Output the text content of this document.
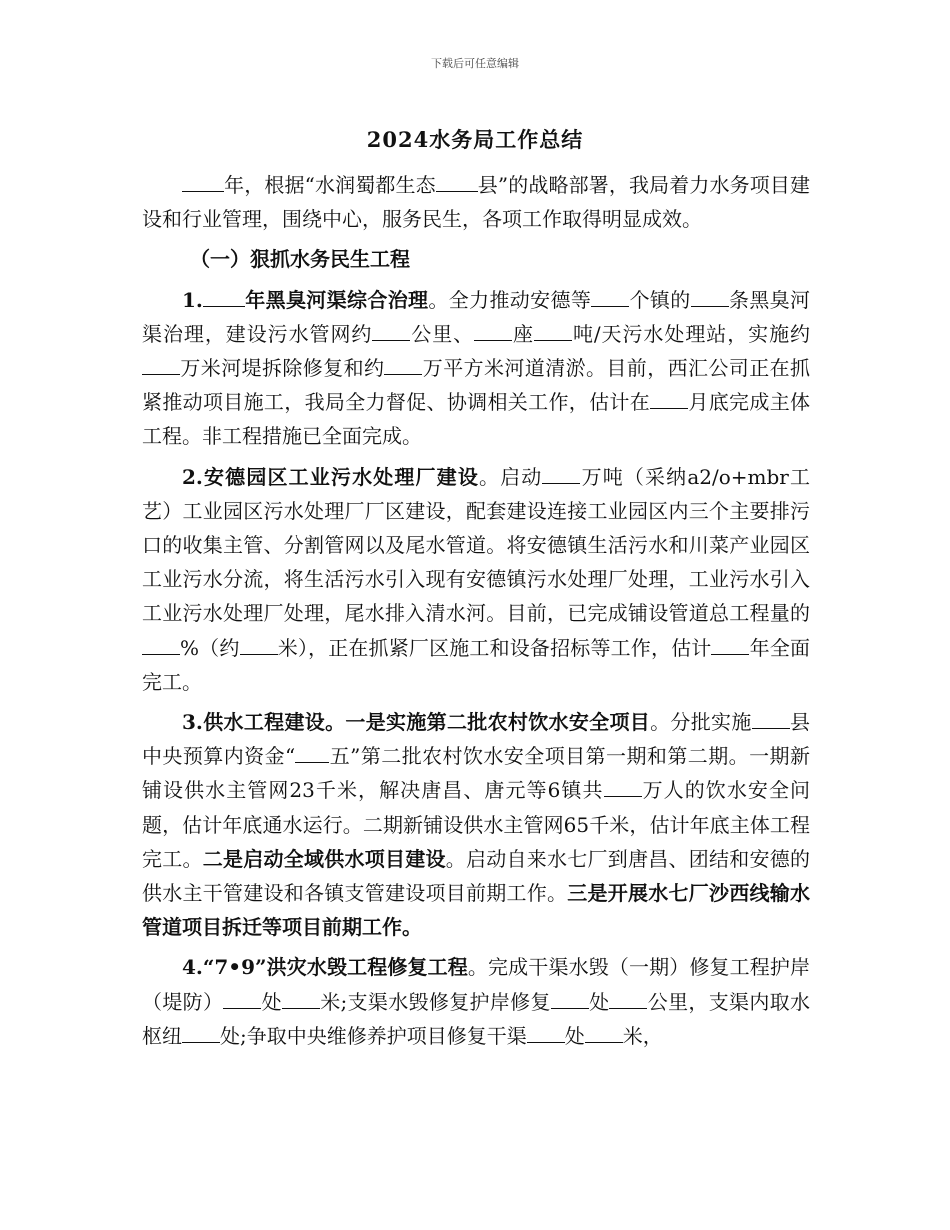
下载后可任意编辑
2024水务局工作总结

年，根据“水润蜀都生态 县”的战略部署，我局着力水务项目建设和行业管理，围绕中心，服务民生，各项工作取得明显成效。

（一）狠抓水务民生工程

1. 年黑臭河渠综合治理。全力推动安德等 个镇的 条黑臭河渠治理，建设污水管网约 公里、 座 吨/天污水处理站，实施约万米河堤拆除修复和约 万平方米河道清淤。目前，西汇公司正在抓紧推动项目施工，我局全力督促、协调相关工作，估计在 月底完成主体工程。非工程措施已全面完成。

2.安德园区工业污水处理厂建设。启动 万吨（采纳a2/o+mbr工艺）工业园区污水处理厂厂区建设，配套建设连接工业园区内三个主要排污口的收集主管、分割管网以及尾水管道。将安德镇生活污水和川菜产业园区工业污水分流，将生活污水引入现有安德镇污水处理厂处理，工业污水引入工业污水处理厂处理，尾水排入清水河。目前，已完成铺设管道总工程量的%（约 米），正在抓紧厂区施工和设备招标等工作，估计 年全面完工。

3.供水工程建设。一是实施第二批农村饮水安全项目。分批实施 县中央预算内资金“ 五”第二批农村饮水安全项目第一期和第二期。一期新铺设供水主管网23千米，解决唐昌、唐元等6镇共 万人的饮水安全问题，估计年底通水运行。二期新铺设供水主管网65千米，估计年底主体工程完工。二是启动全域供水项目建设。启动自来水七厂到唐昌、团结和安德的供水主干管建设和各镇支管建设项目前期工作。三是开展水七厂沙西线输水管道项目拆迁等项目前期工作。

4.“7•9”洪灾水毁工程修复工程。完成干渠水毁（一期）修复工程护岸（堤防） 处 米;支渠水毁修复护岸修复 处 公里，支渠内取水枢纽 处;争取中央维修养护项目修复干渠 处 米，
